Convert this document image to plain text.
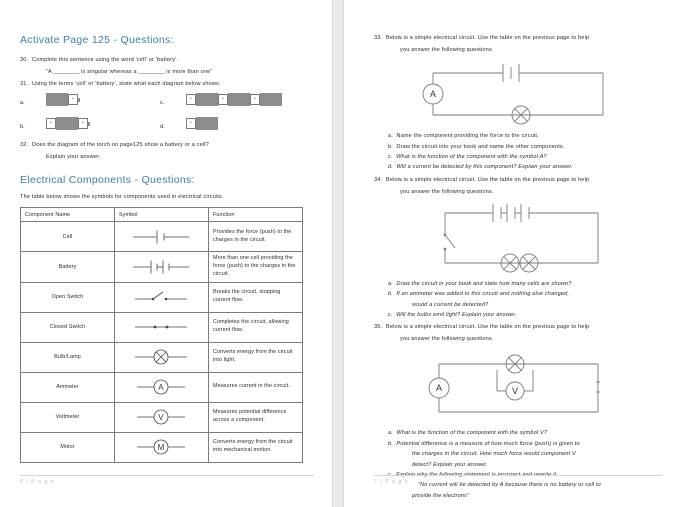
Activate Page 125 - Questions:

30. Complete this sentence using the word 'cell' or 'battery'.

“A ________ is singular whereas a ________ is more than one”

31. Using the terms 'cell' or 'battery', state what each diagram below shows.

a.
+
c.
+	+	+
b.
+	+
d.
+

32. Does the diagram of the torch on page125 show a battery or a cell?

Explain your answer.

Electrical Components - Questions:

The table below shows the symbols for components used in electrical circuits.

Component Name	Symbol	Function
Cell		Provides the force (push) to the charges in the circuit.
Battery		More than one cell providing the force (push) to the charges in the circuit.
Open Switch		Breaks the circuit, stopping current flow.
Closed Switch		Completes the circuit, allowing current flow.
Bulb/Lamp		Converts energy from the circuit into light.
Ammeter	A	Measures current in the circuit.
Voltmeter	V	Measures potential difference across a component.
Motor	M	Converts energy from the circuit into mechanical motion.
6 | P a g e

33. Below is a simple electrical circuit. Use the table on the previous page to help

you answer the following questions.

A

a. Name the component providing the force to the circuit.

b. Draw the circuit into your book and name the other components.

c. What is the function of the component with the symbol A?

d. Will a current be detected by this component? Explain your answer.

34. Below is a simple electrical circuit. Use the table on the previous page to help

you answer the following questions.

a. Draw the circuit in your book and state how many cells are shown?

b. If an ammeter was added to this circuit and nothing else changed,

would a current be detected?

c. Will the bulbs emit light? Explain your answer.

35. Below is a simple electrical circuit. Use the table on the previous page to help

you answer the following questions.

A	V

a. What is the function of the component with the symbol V?

b. Potential difference is a measure of how much force (push) is given to

the charges in the circuit. How much force would component V

detect? Explain your answer.

c. Explain why the following statement is incorrect and rewrite it.

“No current will be detected by A because there is no battery or cell to

provide the electrons”

7 | P a g e
